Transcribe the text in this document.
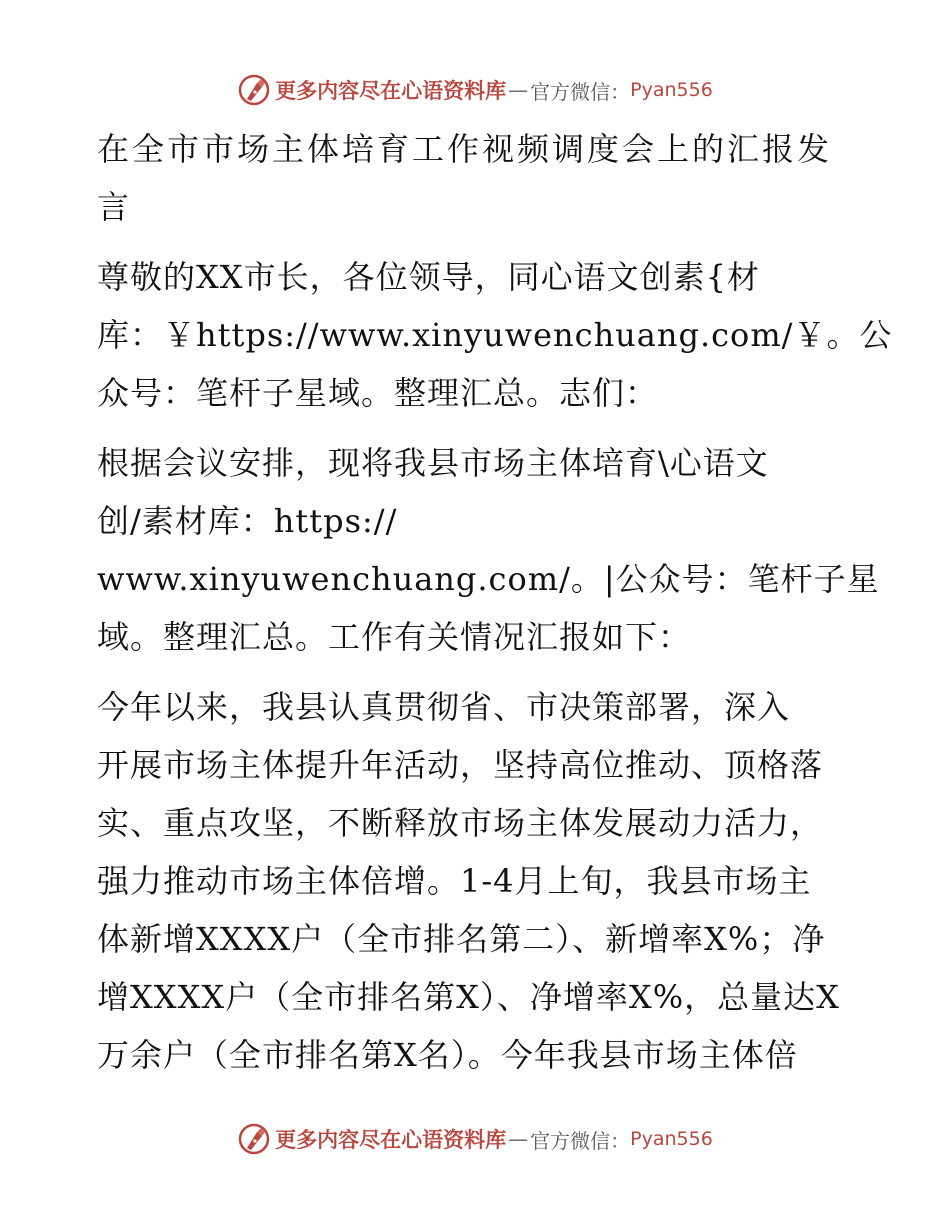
更多内容尽在心语资料库 — 官方微信： Pyan556
在全市市场主体培育工作视频调度会上的汇报发
言
尊敬的XX市长，各位领导，同心语文创素{材
库：￥https://www.xinyuwenchuang.com/￥。公
众号：笔杆子星域。整理汇总。志们：
根据会议安排，现将我县市场主体培育\心语文
创/素材库：https://
www.xinyuwenchuang.com/。|公众号：笔杆子星
域。整理汇总。工作有关情况汇报如下：
今年以来，我县认真贯彻省、市决策部署，深入
开展市场主体提升年活动，坚持高位推动、顶格落
实、重点攻坚，不断释放市场主体发展动力活力，
强力推动市场主体倍增。1-4月上旬，我县市场主
体新增XXXX户（全市排名第二）、新增率X%；净
增XXXX户（全市排名第X）、净增率X%，总量达X
万余户（全市排名第X名）。今年我县市场主体倍
更多内容尽在心语资料库 — 官方微信： Pyan556
